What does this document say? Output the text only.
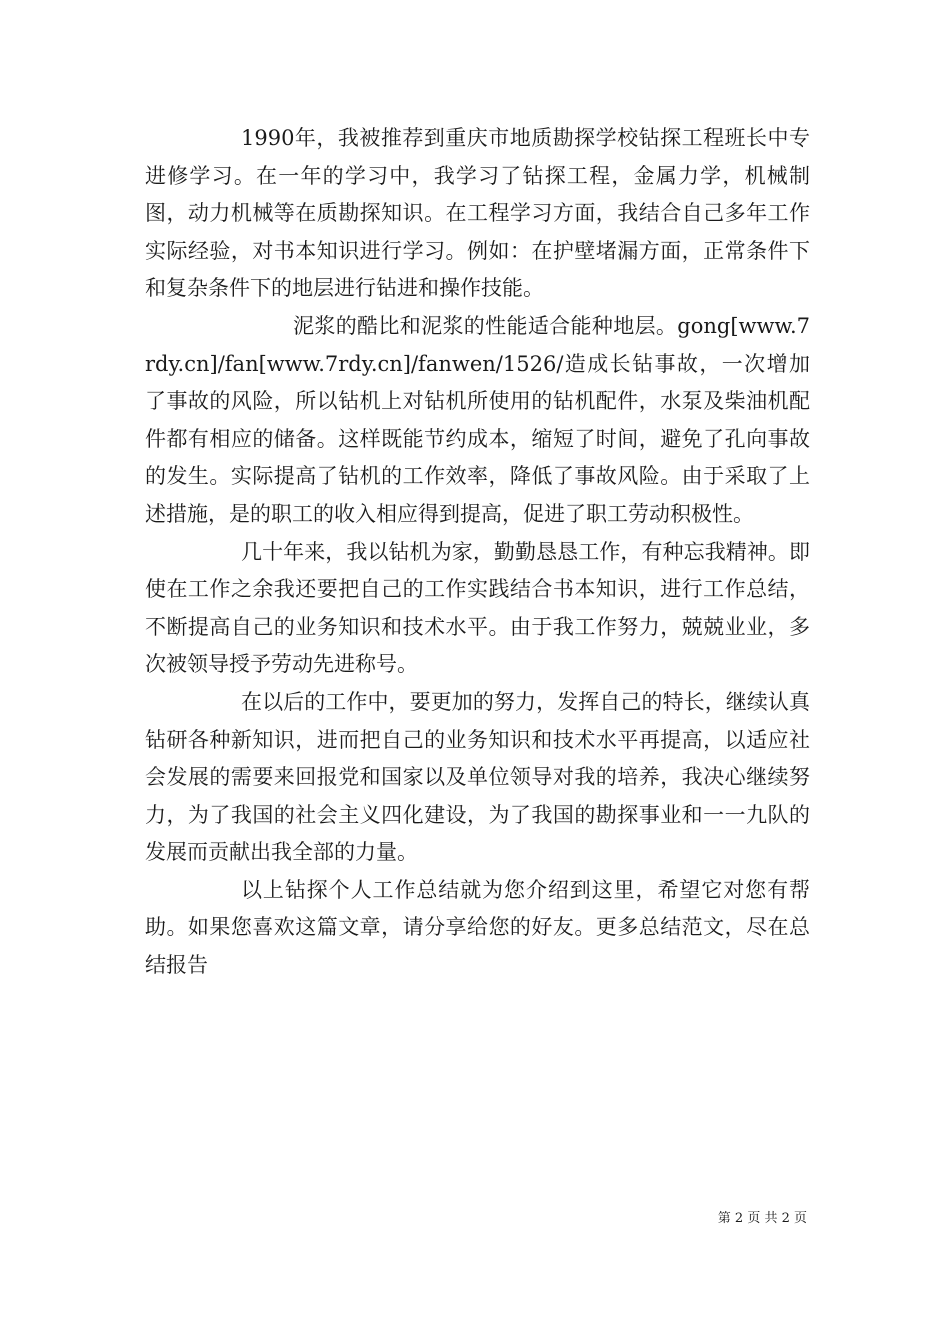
1990年，我被推荐到重庆市地质勘探学校钻探工程班长中专进修学习。在一年的学习中，我学习了钻探工程，金属力学，机械制图，动力机械等在质勘探知识。在工程学习方面，我结合自己多年工作实际经验，对书本知识进行学习。例如：在护壁堵漏方面，正常条件下和复杂条件下的地层进行钻进和操作技能。

泥浆的酷比和泥浆的性能适合能种地层。gong[www.7rdy.cn]/fan[www.7rdy.cn]/fanwen/1526/造成长钻事故，一次增加了事故的风险，所以钻机上对钻机所使用的钻机配件，水泵及柴油机配件都有相应的储备。这样既能节约成本，缩短了时间，避免了孔向事故的发生。实际提高了钻机的工作效率，降低了事故风险。由于采取了上述措施，是的职工的收入相应得到提高，促进了职工劳动积极性。

几十年来，我以钻机为家，勤勤恳恳工作，有种忘我精神。即使在工作之余我还要把自己的工作实践结合书本知识，进行工作总结，不断提高自己的业务知识和技术水平。由于我工作努力，兢兢业业，多次被领导授予劳动先进称号。

在以后的工作中，要更加的努力，发挥自己的特长，继续认真钻研各种新知识，进而把自己的业务知识和技术水平再提高，以适应社会发展的需要来回报党和国家以及单位领导对我的培养，我决心继续努力，为了我国的社会主义四化建设，为了我国的勘探事业和一一九队的发展而贡献出我全部的力量。

以上钻探个人工作总结就为您介绍到这里，希望它对您有帮助。如果您喜欢这篇文章，请分享给您的好友。更多总结范文，尽在总结报告

第 2 页 共 2 页
